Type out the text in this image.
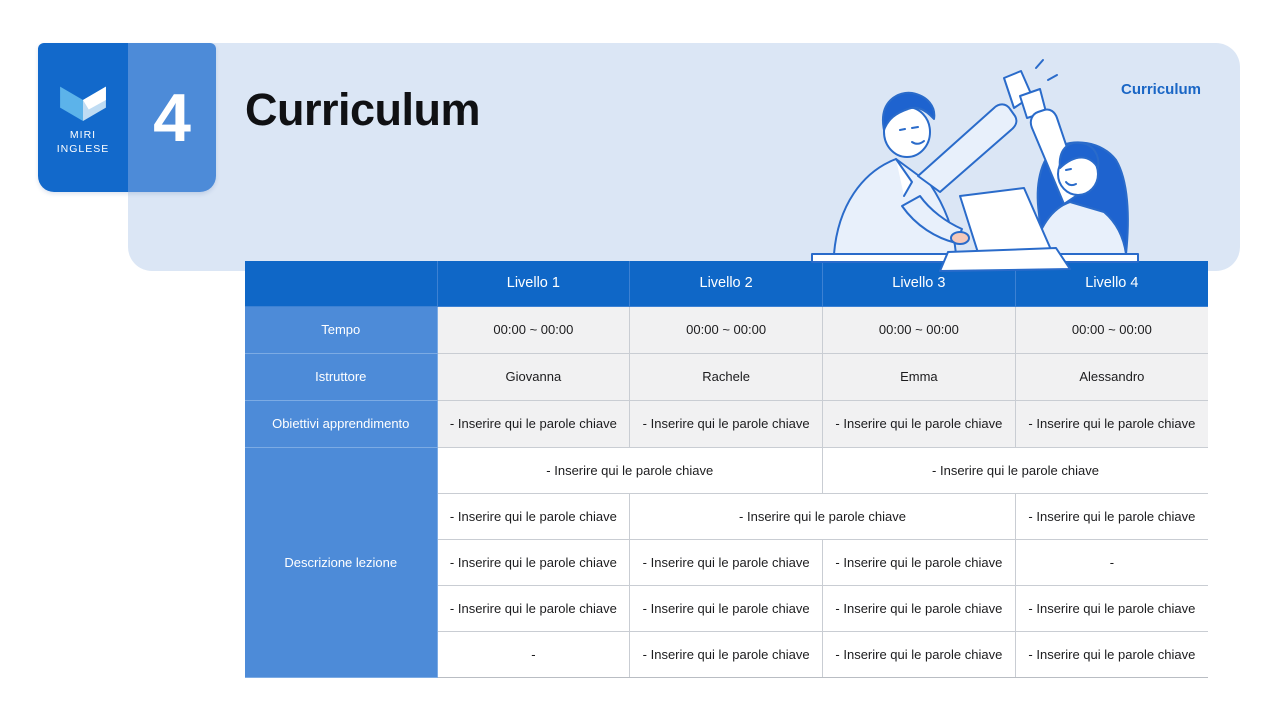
MIRI
INGLESE 4 Curriculum	Curriculum
	Livello 1	Livello 2	Livello 3	Livello 4
Tempo	00:00 ~ 00:00	00:00 ~ 00:00	00:00 ~ 00:00	00:00 ~ 00:00
Istruttore	Giovanna	Rachele	Emma	Alessandro
Obiettivi apprendimento	- Inserire qui le parole chiave	- Inserire qui le parole chiave	- Inserire qui le parole chiave	- Inserire qui le parole chiave
Descrizione lezione	- Inserire qui le parole chiave		- Inserire qui le parole chiave	
	- Inserire qui le parole chiave	- Inserire qui le parole chiave		- Inserire qui le parole chiave
	- Inserire qui le parole chiave	- Inserire qui le parole chiave	- Inserire qui le parole chiave	-
	- Inserire qui le parole chiave	- Inserire qui le parole chiave	- Inserire qui le parole chiave	- Inserire qui le parole chiave
	-	- Inserire qui le parole chiave	- Inserire qui le parole chiave	- Inserire qui le parole chiave
